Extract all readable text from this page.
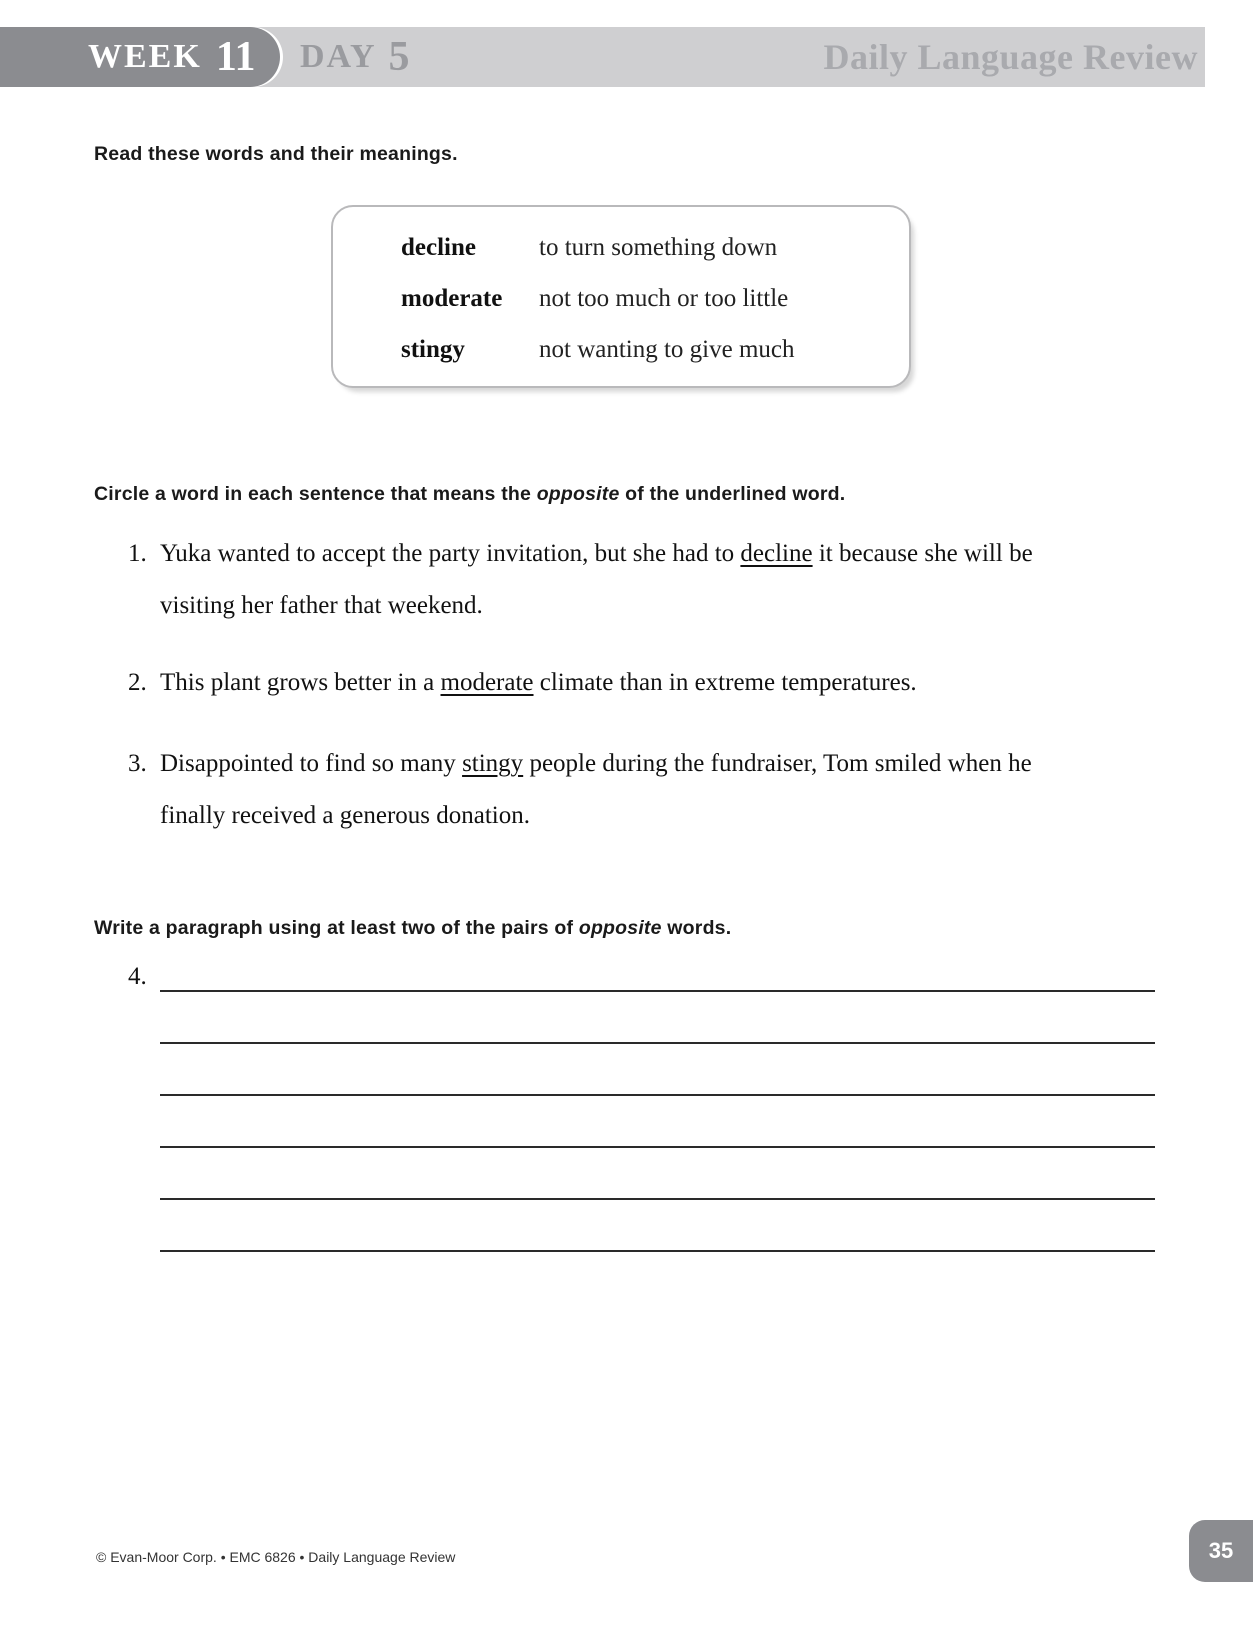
WEEK 11 DAY 5	Daily Language Review
Read these words and their meanings.
decline	to turn something down
moderate	not too much or too little
stingy	not wanting to give much
Circle a word in each sentence that means the opposite of the underlined word.
1. Yuka wanted to accept the party invitation, but she had to decline it because she will be visiting her father that weekend.
2. This plant grows better in a moderate climate than in extreme temperatures.
3. Disappointed to find so many stingy people during the fundraiser, Tom smiled when he finally received a generous donation.
Write a paragraph using at least two of the pairs of opposite words.
4.
© Evan-Moor Corp. • EMC 6826 • Daily Language Review	35
